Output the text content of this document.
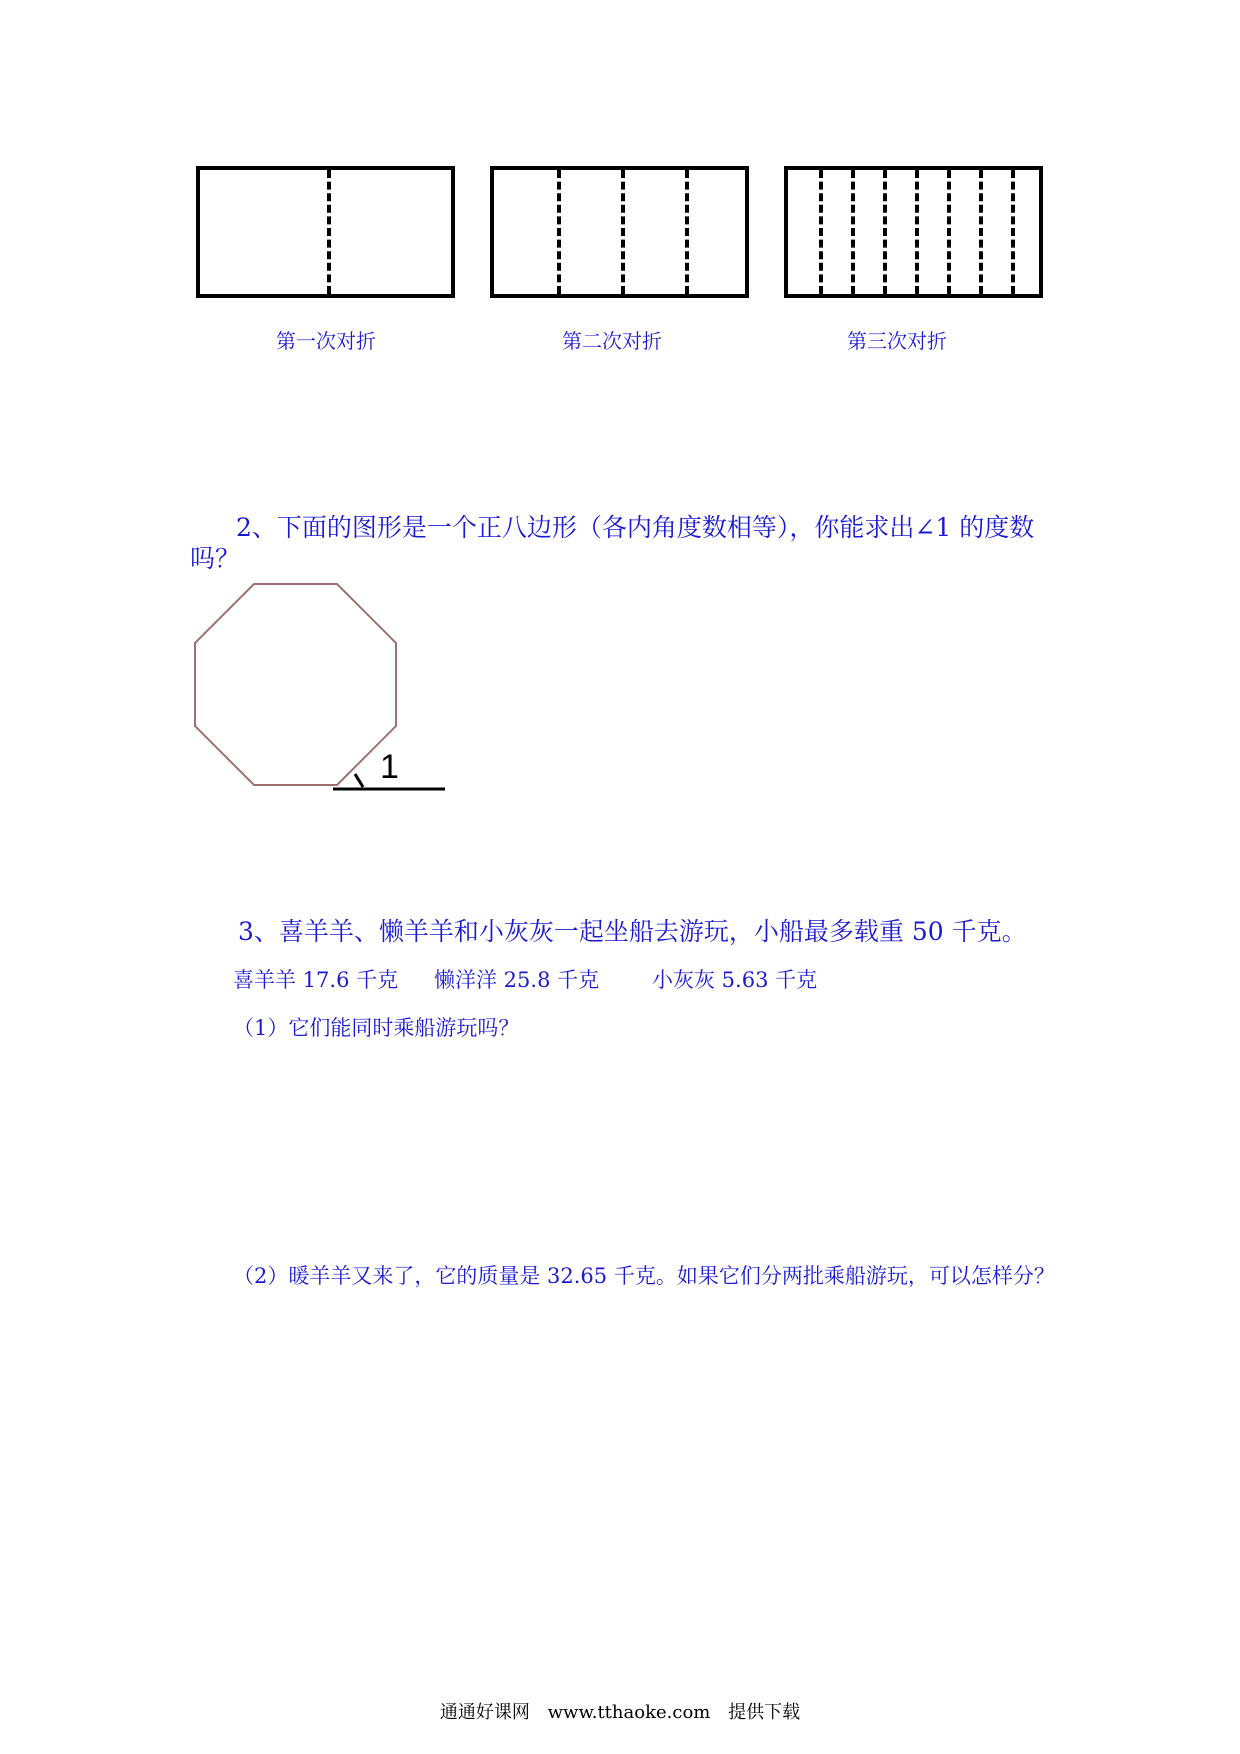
第一次对折	第二次对折	第三次对折
2、下面的图形是一个正八边形（各内角度数相等），你能求出∠1 的度数
吗？
1
3、喜羊羊、懒羊羊和小灰灰一起坐船去游玩，小船最多载重 50 千克。
喜羊羊 17.6 千克 懒洋洋 25.8 千克	小灰灰 5.63 千克
（1）它们能同时乘船游玩吗？
（2）暖羊羊又来了，它的质量是 32.65 千克。如果它们分两批乘船游玩，可以怎样分？
通通好课网 www.tthaoke.com 提供下载
